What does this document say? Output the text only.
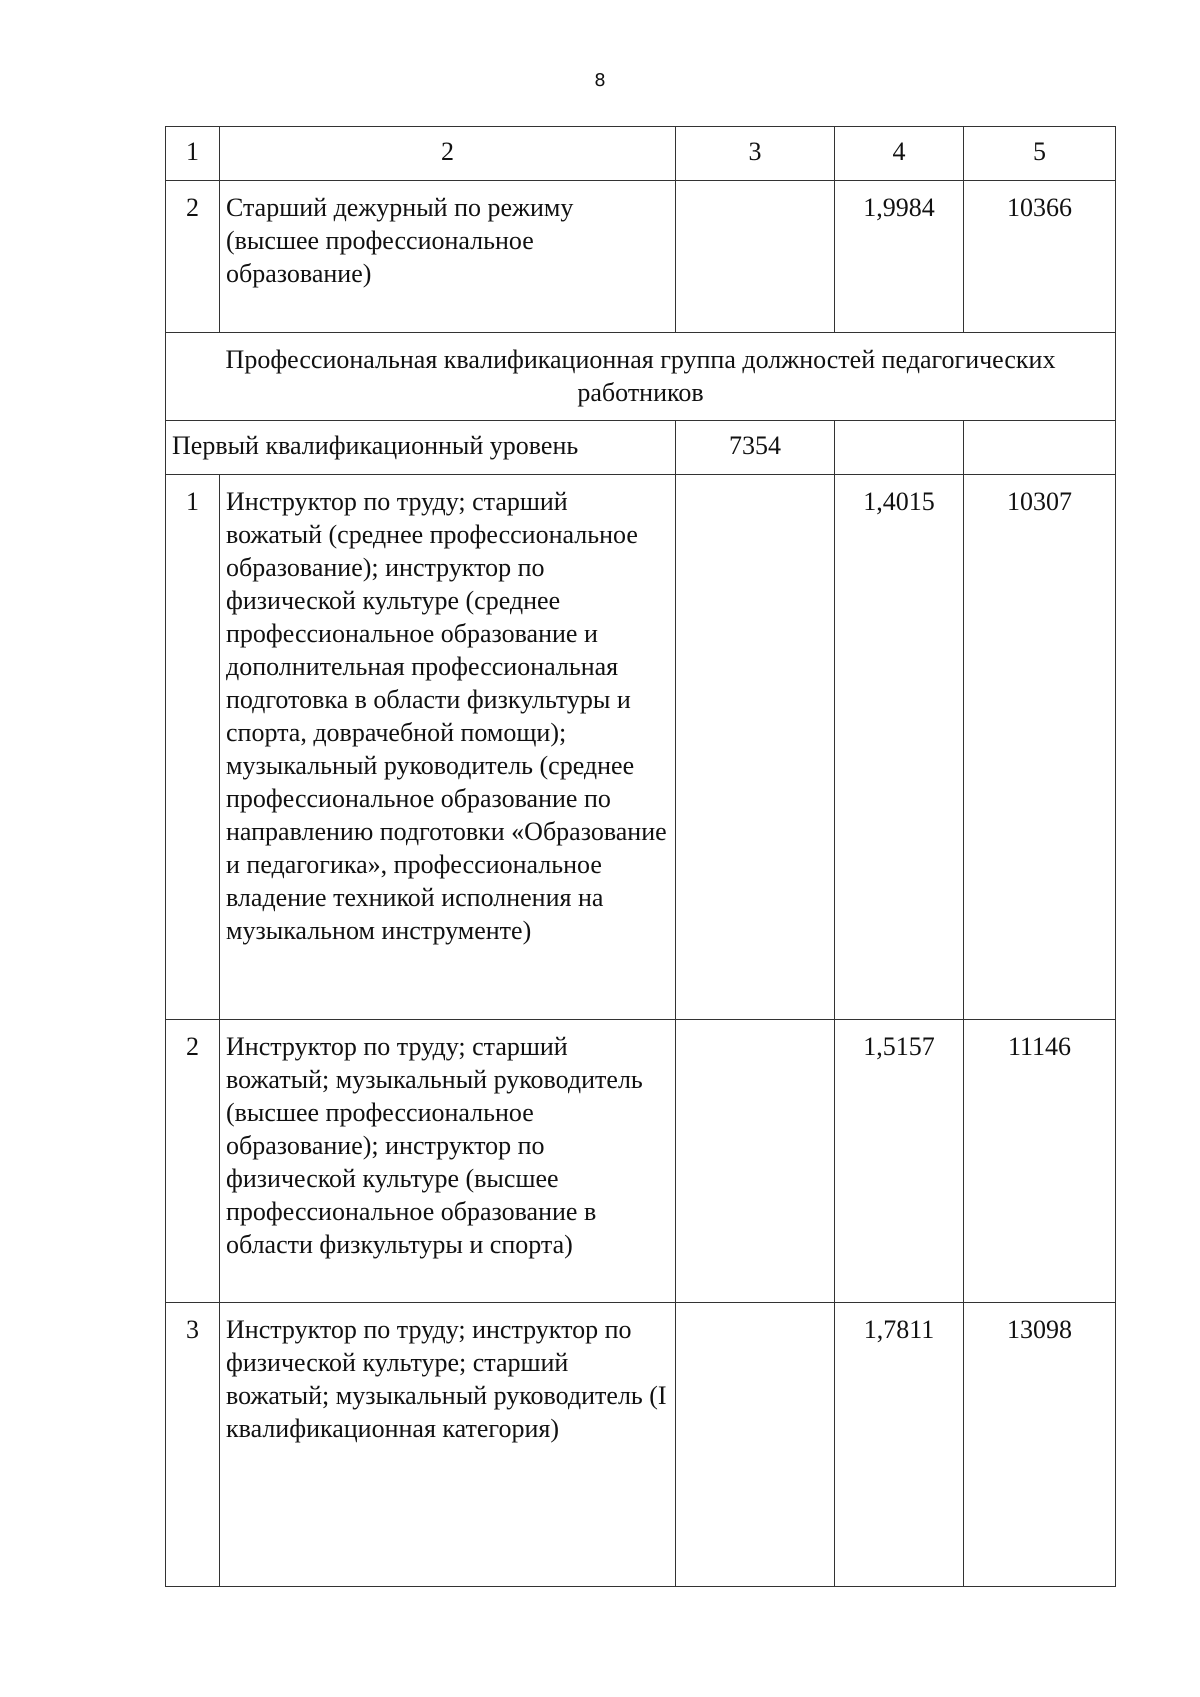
8
1	2	3	4	5
2	Старший дежурный по режиму (высшее профессиональное образование)		1,9984	10366
Профессиональная квалификационная группа должностей педагогических работников				
Первый квалификационный уровень		7354		
1	Инструктор по труду; старший вожатый (среднее профессиональное образование); инструктор по физической культуре (среднее профессиональное образование и дополнительная профессиональная подготовка в области физкультуры и спорта, доврачебной помощи); музыкальный руководитель (среднее профессиональное образование по направлению подготовки «Образование и педагогика», профессиональное владение техникой исполнения на музыкальном инструменте)		1,4015	10307
2	Инструктор по труду; старший вожатый; музыкальный руководитель (высшее профессиональное образование); инструктор по физической культуре (высшее профессиональное образование в области физкультуры и спорта)		1,5157	11146
3	Инструктор по труду; инструктор по физической культуре; старший вожатый; музыкальный руководитель (I квалификационная категория)		1,7811	13098
